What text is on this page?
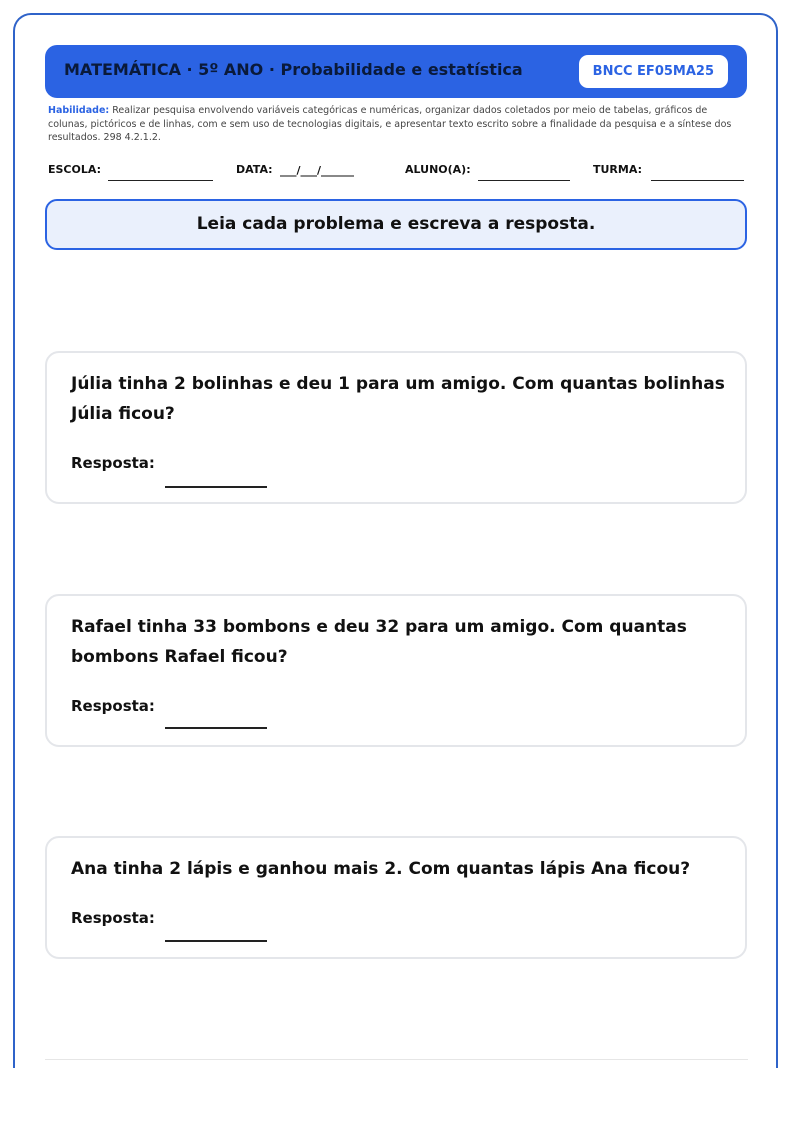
MATEMÁTICA · 5º ANO · Probabilidade e estatística	BNCC EF05MA25
Habilidade: Realizar pesquisa envolvendo variáveis categóricas e numéricas, organizar dados coletados por meio de tabelas, gráficos de colunas, pictóricos e de linhas, com e sem uso de tecnologias digitais, e apresentar texto escrito sobre a finalidade da pesquisa e a síntese dos resultados. 298 4.2.1.2.
ESCOLA:	DATA: ___/___/______	ALUNO(A):	TURMA:
Leia cada problema e escreva a resposta.
Júlia tinha 2 bolinhas e deu 1 para um amigo. Com quantas bolinhas Júlia ficou?
Resposta:
Rafael tinha 33 bombons e deu 32 para um amigo. Com quantas bombons Rafael ficou?
Resposta:
Ana tinha 2 lápis e ganhou mais 2. Com quantas lápis Ana ficou?
Resposta:
